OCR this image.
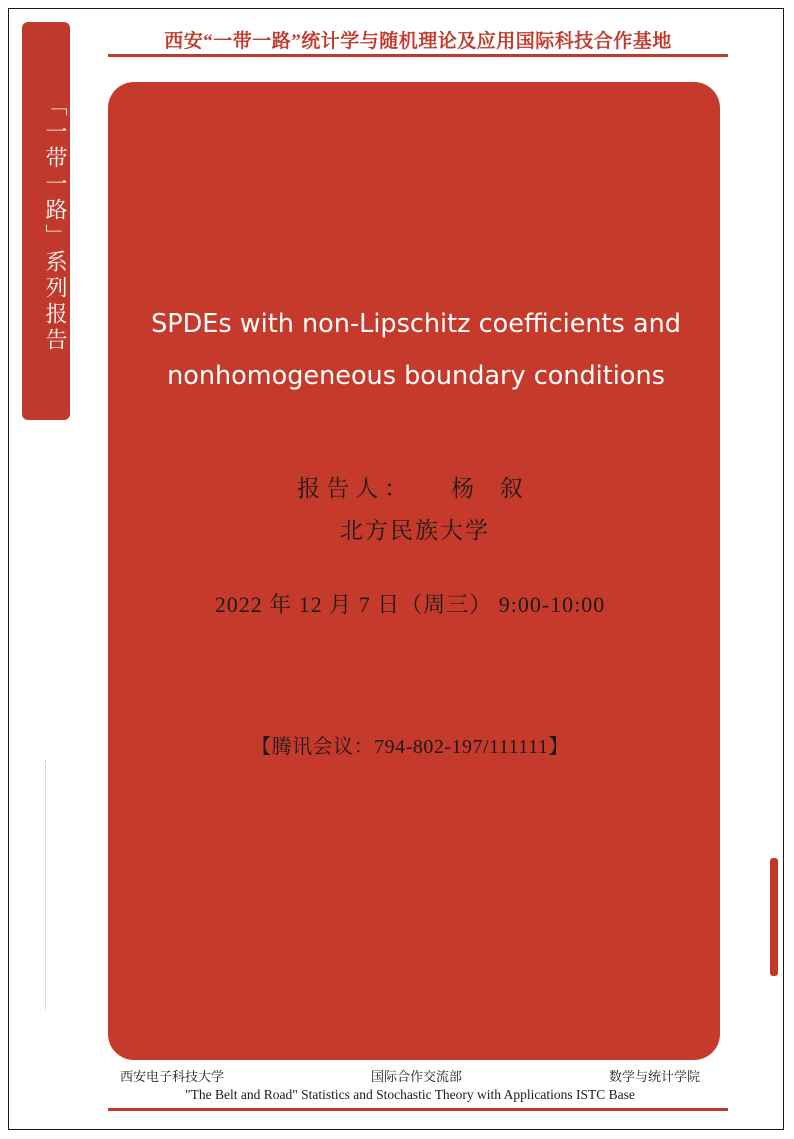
西安“一带一路”统计学与随机理论及应用国际科技合作基地
「一带一路」系列报告	SPDEs with non-Lipschitz coefficients and
nonhomogeneous boundary conditions
报告人： 杨 叙
北方民族大学
2022 年 12 月 7 日（周三） 9:00-10:00
【腾讯会议：794-802-197/111111】
西安电子科技大学	国际合作交流部	数学与统计学院
"The Belt and Road" Statistics and Stochastic Theory with Applications ISTC Base
